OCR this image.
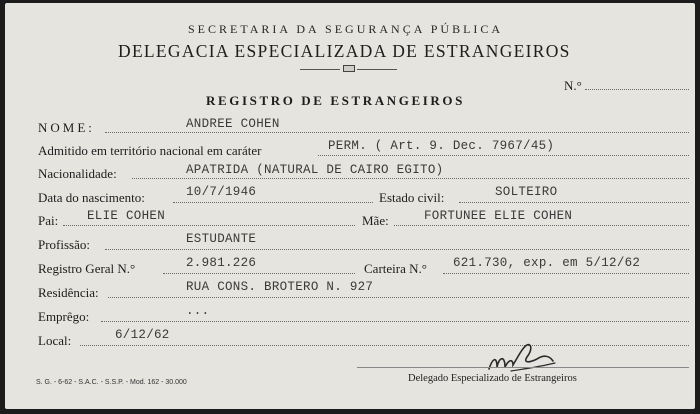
SECRETARIA DA SEGURANÇA PÚBLICA
DELEGACIA ESPECIALIZADA DE ESTRANGEIROS
N.°
REGISTRO DE ESTRANGEIROS
NOME:	ANDREE COHEN
Admitido em território nacional em caráter	PERM. ( Art. 9. Dec. 7967/45)
Nacionalidade:	APATRIDA (NATURAL DE CAIRO EGITO)
Data do nascimento:	10/7/1946	Estado civil:	SOLTEIRO
Pai: ELIE COHEN	Mãe:	FORTUNEE ELIE COHEN
Profissão:	ESTUDANTE
Registro Geral N.°	2.981.226	Carteira N.° 621.730, exp. em 5/12/62
Residência:	RUA CONS. BROTERO N. 927
Emprêgo:	...
Local:	6/12/62
Delegado Especializado de Estrangeiros
S. G. - 6-62 - S.A.C. - S.S.P. - Mod. 162 - 30.000
